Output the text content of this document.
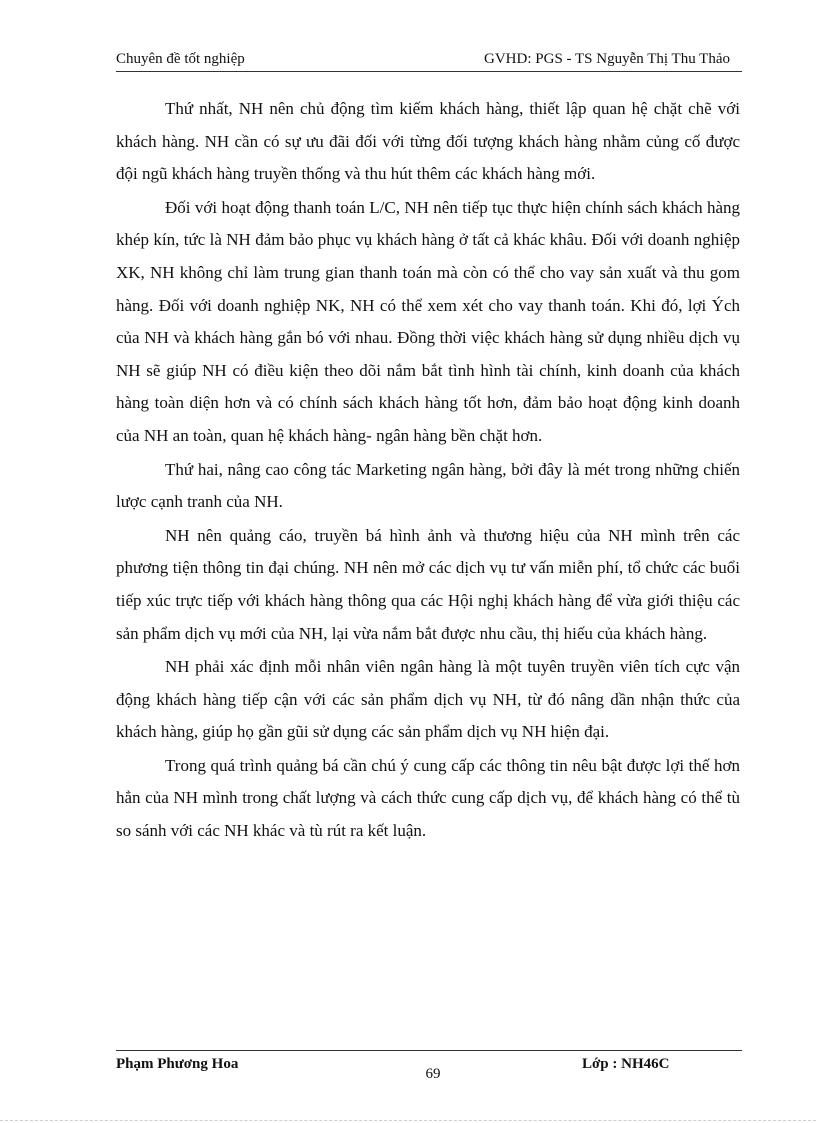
Chuyên đề tốt nghiệp	GVHD: PGS - TS Nguyễn Thị Thu Thảo

Thứ nhất, NH nên chủ động tìm kiếm khách hàng, thiết lập quan hệ chặt chẽ với khách hàng. NH cần có sự ưu đãi đối với từng đối tượng khách hàng nhằm củng cố được đội ngũ khách hàng truyền thống và thu hút thêm các khách hàng mới.

Đối với hoạt động thanh toán L/C, NH nên tiếp tục thực hiện chính sách khách hàng khép kín, tức là NH đảm bảo phục vụ khách hàng ở tất cả khác khâu. Đối với doanh nghiệp XK, NH không chỉ làm trung gian thanh toán mà còn có thể cho vay sản xuất và thu gom hàng. Đối với doanh nghiệp NK, NH có thể xem xét cho vay thanh toán. Khi đó, lợi Ých của NH và khách hàng gắn bó với nhau. Đồng thời việc khách hàng sử dụng nhiều dịch vụ NH sẽ giúp NH có điều kiện theo dõi nắm bắt tình hình tài chính, kinh doanh của khách hàng toàn diện hơn và có chính sách khách hàng tốt hơn, đảm bảo hoạt động kinh doanh của NH an toàn, quan hệ khách hàng- ngân hàng bền chặt hơn.

Thứ hai, nâng cao công tác Marketing ngân hàng, bởi đây là mét trong những chiến lược cạnh tranh của NH.

NH nên quảng cáo, truyền bá hình ảnh và thương hiệu của NH mình trên các phương tiện thông tin đại chúng. NH nên mở các dịch vụ tư vấn miễn phí, tổ chức các buổi tiếp xúc trực tiếp với khách hàng thông qua các Hội nghị khách hàng để vừa giới thiệu các sản phẩm dịch vụ mới của NH, lại vừa nắm bắt được nhu cầu, thị hiếu của khách hàng.

NH phải xác định mỗi nhân viên ngân hàng là một tuyên truyền viên tích cực vận động khách hàng tiếp cận với các sản phẩm dịch vụ NH, từ đó nâng dần nhận thức của khách hàng, giúp họ gần gũi sử dụng các sản phẩm dịch vụ NH hiện đại.

Trong quá trình quảng bá cần chú ý cung cấp các thông tin nêu bật được lợi thế hơn hẳn của NH mình trong chất lượng và cách thức cung cấp dịch vụ, để khách hàng có thể tù so sánh với các NH khác và tù rút ra kết luận.

Phạm Phương Hoa	Lớp : NH46C
69
